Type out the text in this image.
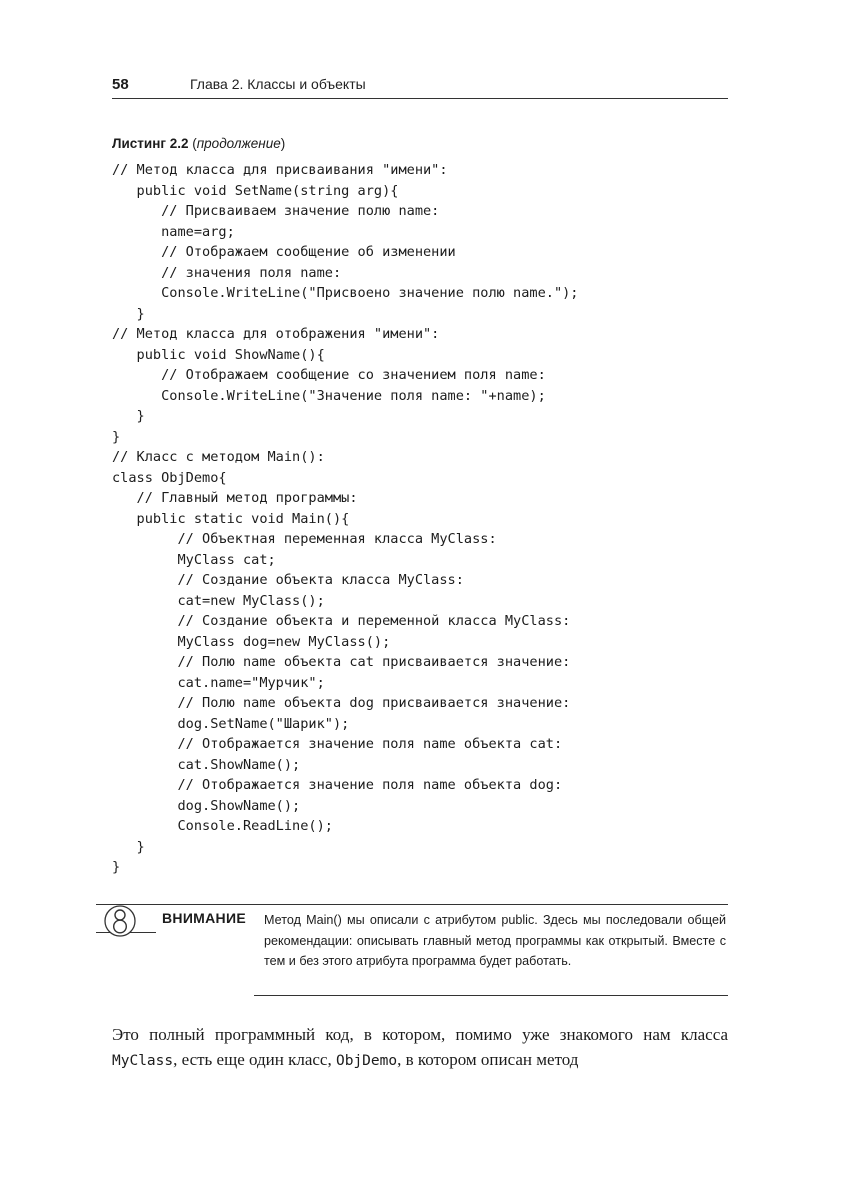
58	Глава 2. Классы и объекты
Листинг 2.2 (продолжение)
// Метод класса для присваивания "имени":
public void SetName(string arg){
// Присваиваем значение полю name:
name=arg;
// Отображаем сообщение об изменении
// значения поля name:
Console.WriteLine("Присвоено значение полю name.");
}
// Метод класса для отображения "имени":
public void ShowName(){
// Отображаем сообщение со значением поля name:
Console.WriteLine("Значение поля name: "+name);
}
}
// Класс с методом Main():
class ObjDemo{
// Главный метод программы:
public static void Main(){
// Объектная переменная класса MyClass:
MyClass cat;
// Создание объекта класса MyClass:
cat=new MyClass();
// Создание объекта и переменной класса MyClass:
MyClass dog=new MyClass();
// Полю name объекта cat присваивается значение:
cat.name="Мурчик";
// Полю name объекта dog присваивается значение:
dog.SetName("Шарик");
// Отображается значение поля name объекта cat:
cat.ShowName();
// Отображается значение поля name объекта dog:
dog.ShowName();
Console.ReadLine();
}
}
ВНИМАНИЕ Метод Main() мы описали с атрибутом public. Здесь мы последовали общей рекомендации: описывать главный метод программы как открытый. Вместе с тем и без этого атрибута программа будет работать.
Это полный программный код, в котором, помимо уже знакомого нам класса MyClass, есть еще один класс, ObjDemo, в котором описан метод
